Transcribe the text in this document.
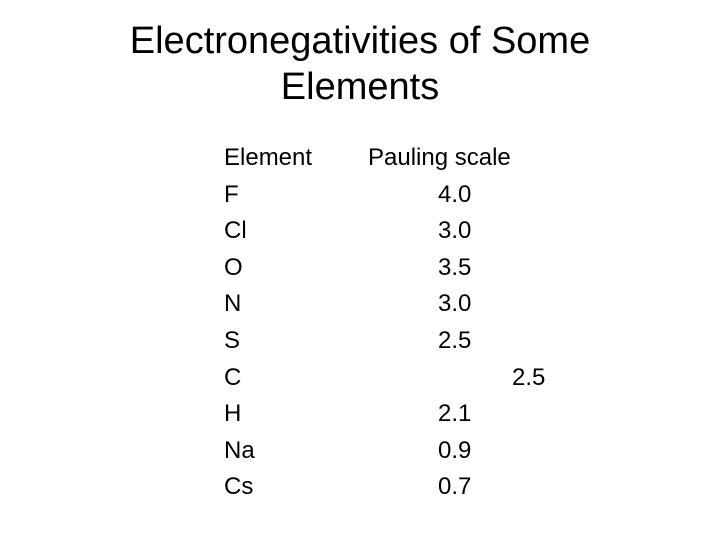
Electronegativities of Some
Elements
Element
F
Cl
O
N
S
C
H
Na
Cs
Pauling scale
4.0
3.0
3.5
3.0
2.5
2.5
2.1
0.9
0.7
